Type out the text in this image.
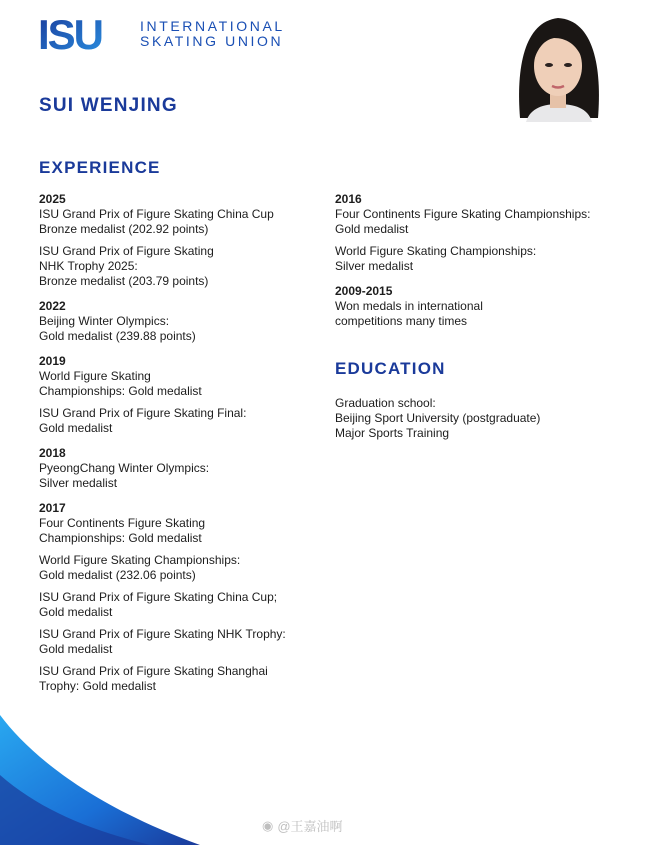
ISU	INTERNATIONAL
SKATING UNION
SUI WENJING
EXPERIENCE
2025
ISU Grand Prix of Figure Skating China Cup
Bronze medalist (202.92 points)
ISU Grand Prix of Figure Skating
NHK Trophy 2025:
Bronze medalist (203.79 points)
2022
Beijing Winter Olympics:
Gold medalist (239.88 points)
2019
World Figure Skating
Championships: Gold medalist
ISU Grand Prix of Figure Skating Final:
Gold medalist
2018
PyeongChang Winter Olympics:
Silver medalist
2017
Four Continents Figure Skating
Championships: Gold medalist
World Figure Skating Championships:
Gold medalist (232.06 points)
ISU Grand Prix of Figure Skating China Cup;
Gold medalist
ISU Grand Prix of Figure Skating NHK Trophy:
Gold medalist
ISU Grand Prix of Figure Skating Shanghai
Trophy: Gold medalist
2016
Four Continents Figure Skating Championships:
Gold medalist
World Figure Skating Championships:
Silver medalist
2009-2015
Won medals in international
competitions many times
EDUCATION
Graduation school:
Beijing Sport University (postgraduate)
Major Sports Training
◉ @王嘉油啊
